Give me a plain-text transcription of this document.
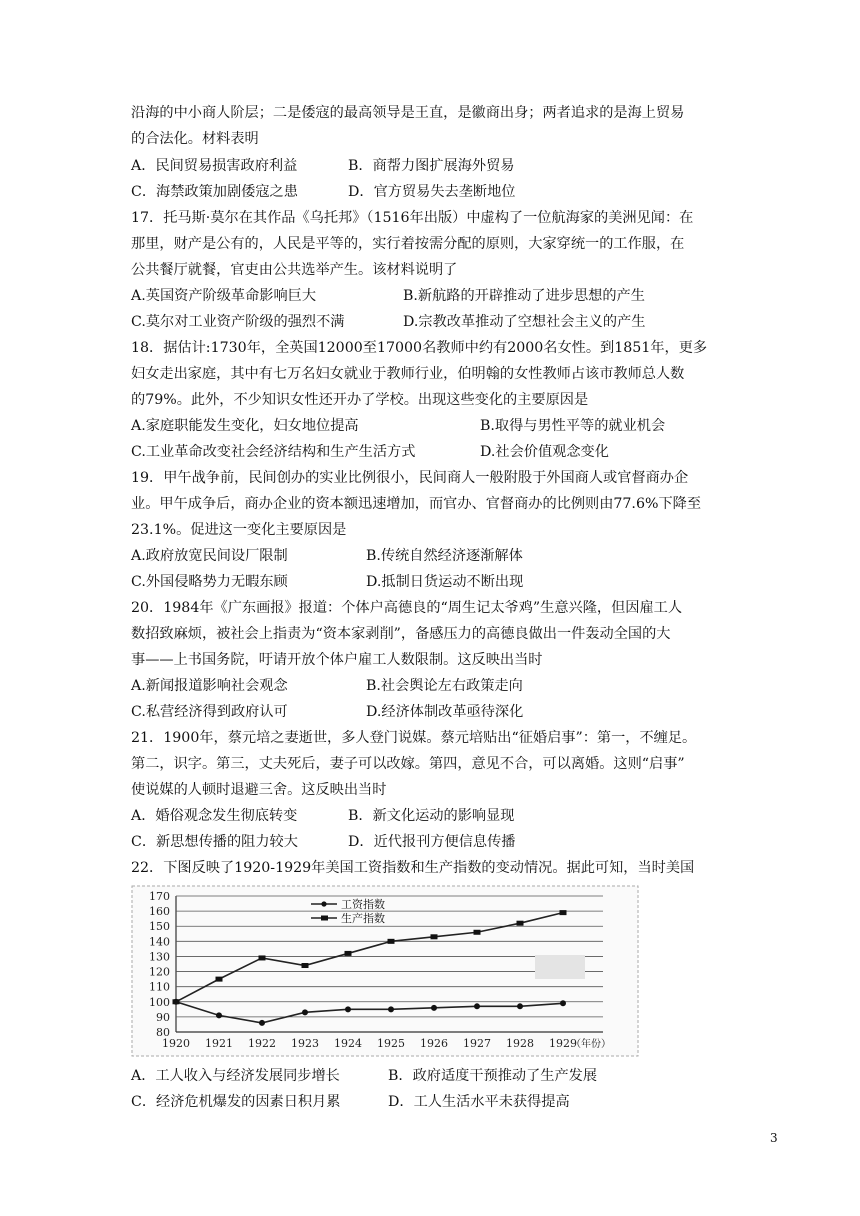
沿海的中小商人阶层；二是倭寇的最高领导是王直，是徽商出身；两者追求的是海上贸易
的合法化。材料表明
A．民间贸易损害政府利益	B．商帮力图扩展海外贸易
C．海禁政策加剧倭寇之患	D．官方贸易失去垄断地位
17．托马斯·莫尔在其作品《乌托邦》（1516年出版）中虚构了一位航海家的美洲见闻：在
那里，财产是公有的，人民是平等的，实行着按需分配的原则，大家穿统一的工作服，在
公共餐厅就餐，官吏由公共选举产生。该材料说明了
A.英国资产阶级革命影响巨大	B.新航路的开辟推动了进步思想的产生
C.莫尔对工业资产阶级的强烈不满	D.宗教改革推动了空想社会主义的产生
18．据估计:1730年，全英国12000至17000名教师中约有2000名女性。到1851年，更多
妇女走出家庭，其中有七万名妇女就业于教师行业，伯明翰的女性教师占该市教师总人数
的79%。此外，不少知识女性还开办了学校。出现这些变化的主要原因是
A.家庭职能发生变化，妇女地位提高	B.取得与男性平等的就业机会
C.工业革命改变社会经济结构和生产生活方式	D.社会价值观念变化
19．甲午战争前，民间创办的实业比例很小，民间商人一般附股于外国商人或官督商办企
业。甲午成争后，商办企业的资本额迅速增加，而官办、官督商办的比例则由77.6%下降至
23.1%。促进这一变化主要原因是
A.政府放宽民间设厂限制	B.传统自然经济逐渐解体
C.外国侵略势力无暇东顾	D.抵制日货运动不断出现
20．1984年《广东画报》报道：个体户高德良的“周生记太爷鸡”生意兴隆，但因雇工人
数招致麻烦，被社会上指责为“资本家剥削”，备感压力的高德良做出一件轰动全国的大
事——上书国务院，吁请开放个体户雇工人数限制。这反映出当时
A.新闻报道影响社会观念	B.社会舆论左右政策走向
C.私营经济得到政府认可	D.经济体制改革亟待深化
21．1900年，蔡元培之妻逝世，多人登门说媒。蔡元培贴出“征婚启事”：第一，不缠足。
第二，识字。第三，丈夫死后，妻子可以改嫁。第四，意见不合，可以离婚。这则“启事”
使说媒的人顿时退避三舍。这反映出当时
A．婚俗观念发生彻底转变	B．新文化运动的影响显现
C．新思想传播的阻力较大	D．近代报刊方便信息传播
22．下图反映了1920-1929年美国工资指数和生产指数的变动情况。据此可知，当时美国
80
90
100
110
120
130
140
150
160
170
1920 1921 1922 1923 1924 1925 1926 1927 1928 1929
（年份）
工资指数
生产指数
A．工人收入与经济发展同步增长	B．政府适度干预推动了生产发展
C．经济危机爆发的因素日积月累	D．工人生活水平未获得提高
3
